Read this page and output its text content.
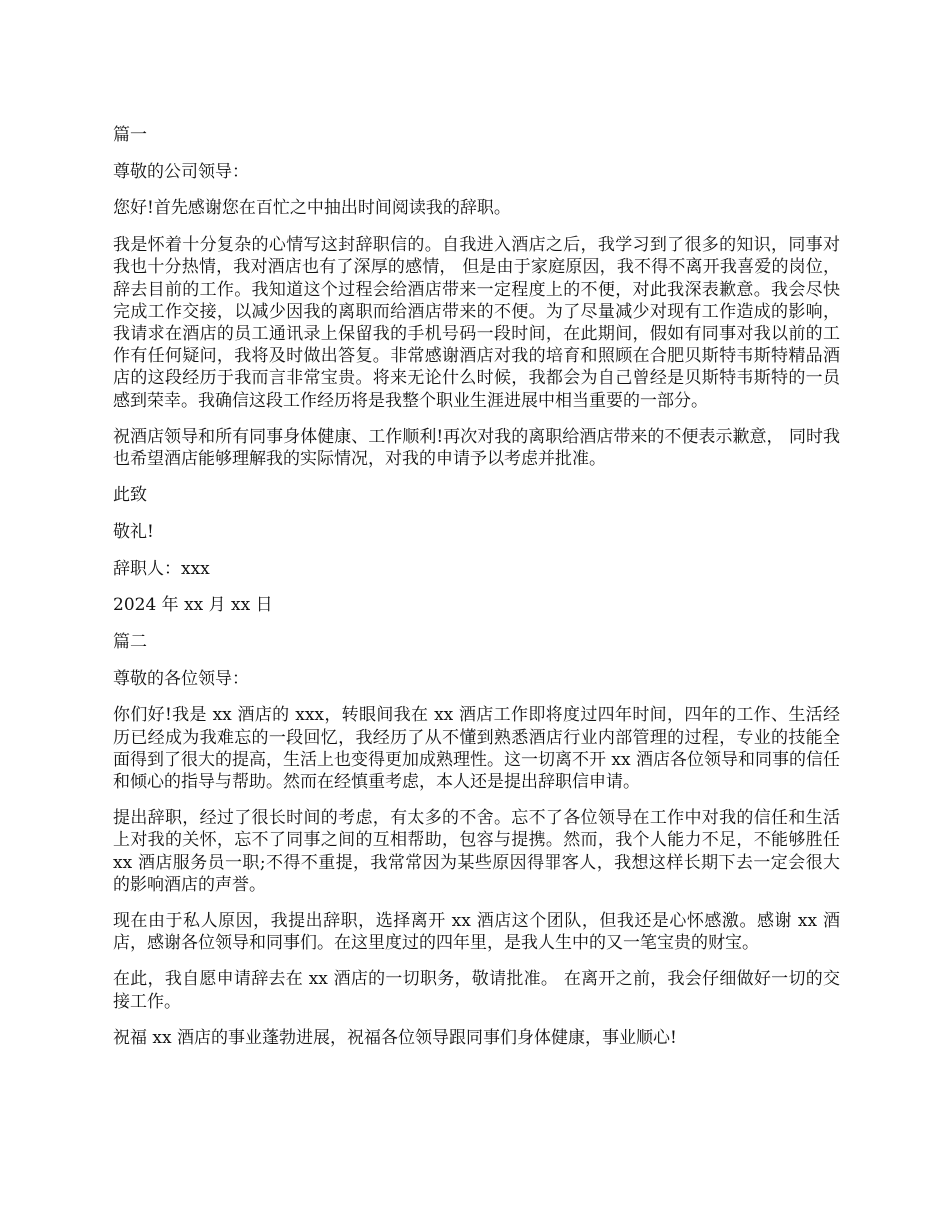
篇一

尊敬的公司领导：

您好!首先感谢您在百忙之中抽出时间阅读我的辞职。

我是怀着十分复杂的心情写这封辞职信的。自我进入酒店之后，我学习到了很多的知识，同事对我也十分热情，我对酒店也有了深厚的感情， 但是由于家庭原因，我不得不离开我喜爱的岗位，辞去目前的工作。我知道这个过程会给酒店带来一定程度上的不便，对此我深表歉意。我会尽快完成工作交接，以减少因我的离职而给酒店带来的不便。为了尽量减少对现有工作造成的影响，我请求在酒店的员工通讯录上保留我的手机号码一段时间，在此期间，假如有同事对我以前的工作有任何疑问，我将及时做出答复。非常感谢酒店对我的培育和照顾在合肥贝斯特韦斯特精品酒店的这段经历于我而言非常宝贵。将来无论什么时候，我都会为自己曾经是贝斯特韦斯特的一员感到荣幸。我确信这段工作经历将是我整个职业生涯进展中相当重要的一部分。

祝酒店领导和所有同事身体健康、工作顺利!再次对我的离职给酒店带来的不便表示歉意， 同时我也希望酒店能够理解我的实际情况，对我的申请予以考虑并批准。

此致

敬礼!

辞职人：xxx

2024 年 xx 月 xx 日

篇二

尊敬的各位领导：

你们好!我是 xx 酒店的 xxx，转眼间我在 xx 酒店工作即将度过四年时间，四年的工作、生活经历已经成为我难忘的一段回忆，我经历了从不懂到熟悉酒店行业内部管理的过程，专业的技能全面得到了很大的提高，生活上也变得更加成熟理性。这一切离不开 xx 酒店各位领导和同事的信任和倾心的指导与帮助。然而在经慎重考虑，本人还是提出辞职信申请。

提出辞职，经过了很长时间的考虑，有太多的不舍。忘不了各位领导在工作中对我的信任和生活上对我的关怀，忘不了同事之间的互相帮助，包容与提携。然而，我个人能力不足，不能够胜任 xx 酒店服务员一职;不得不重提，我常常因为某些原因得罪客人，我想这样长期下去一定会很大的影响酒店的声誉。

现在由于私人原因，我提出辞职，选择离开 xx 酒店这个团队，但我还是心怀感激。感谢 xx 酒店，感谢各位领导和同事们。在这里度过的四年里，是我人生中的又一笔宝贵的财宝。

在此，我自愿申请辞去在 xx 酒店的一切职务，敬请批准。 在离开之前，我会仔细做好一切的交接工作。

祝福 xx 酒店的事业蓬勃进展，祝福各位领导跟同事们身体健康，事业顺心!
